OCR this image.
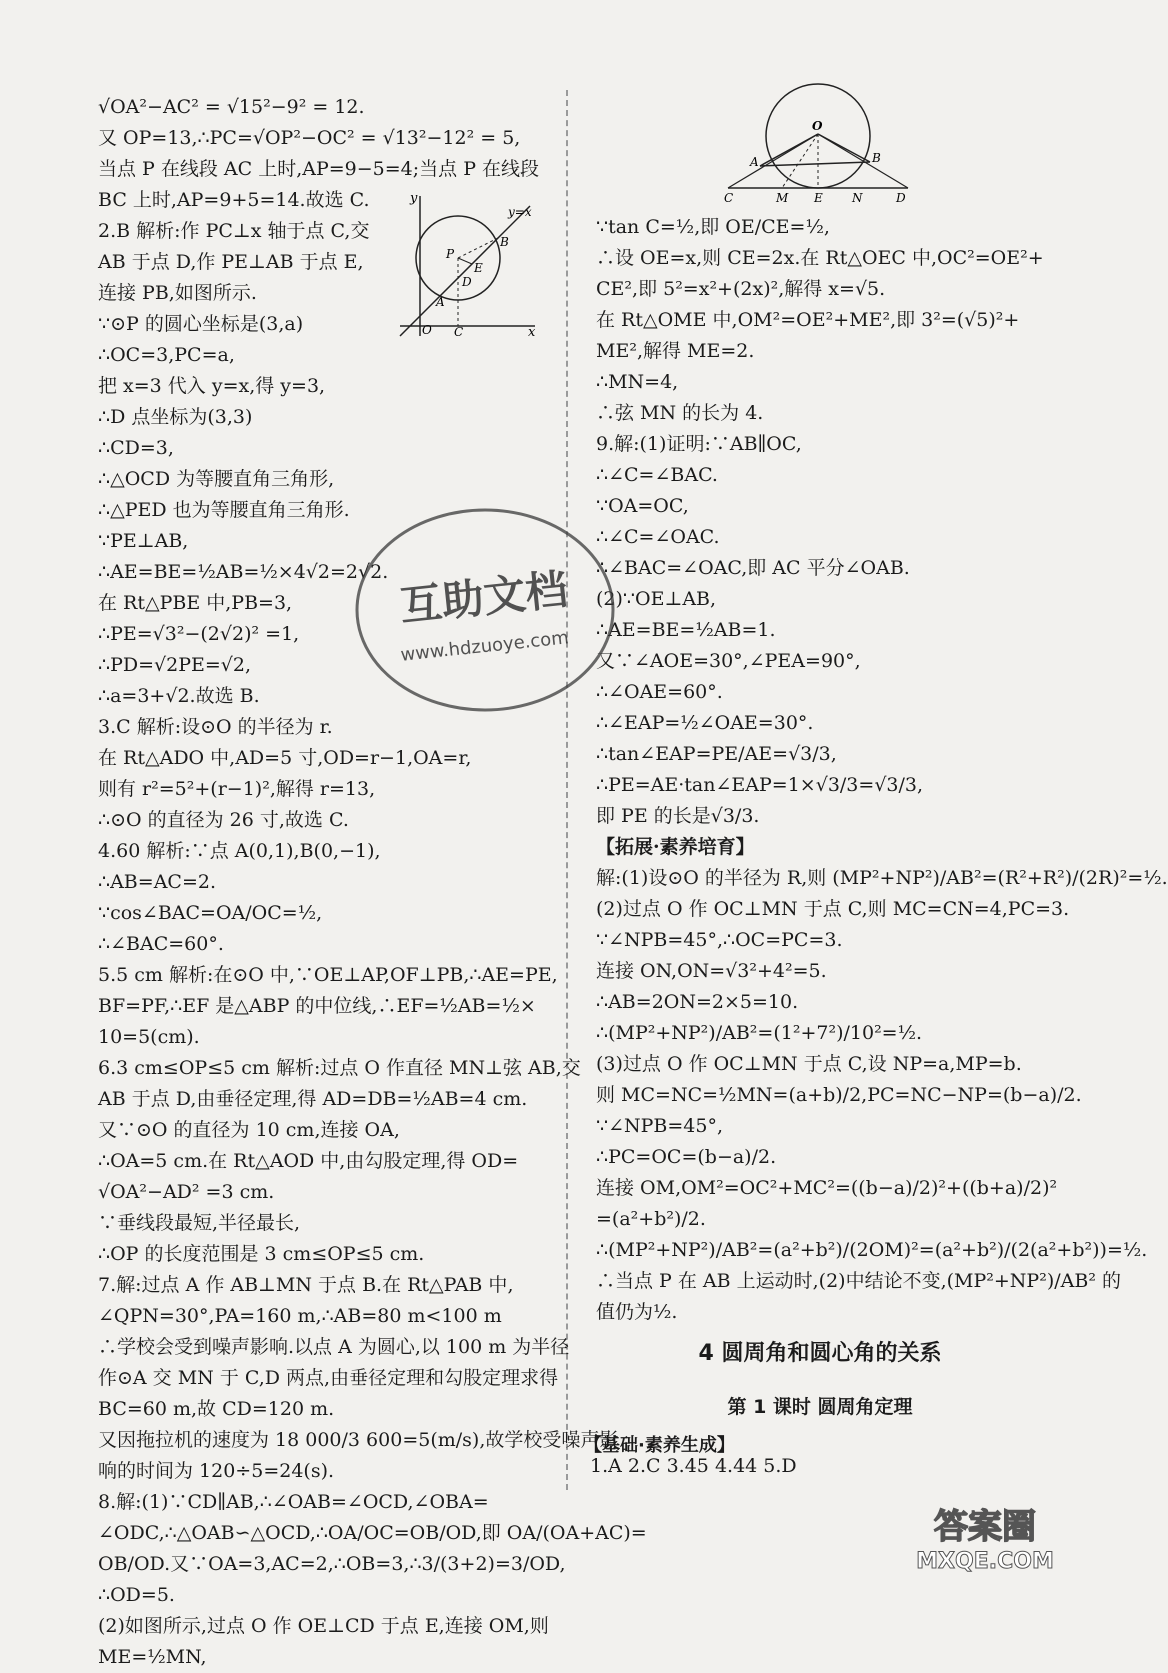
√OA²−AC² = √15²−9² = 12.
又 OP=13,∴PC=√OP²−OC² = √13²−12² = 5,
当点 P 在线段 AC 上时,AP=9−5=4;当点 P 在线段
BC 上时,AP=9+5=14.故选 C.
2.B 解析:作 PC⊥x 轴于点 C,交
AB 于点 D,作 PE⊥AB 于点 E,
连接 PB,如图所示.
∵⊙P 的圆心坐标是(3,a)
∴OC=3,PC=a,
把 x=3 代入 y=x,得 y=3,
∴D 点坐标为(3,3)
∴CD=3,
∴△OCD 为等腰直角三角形,
∴△PED 也为等腰直角三角形.
∵PE⊥AB,
∴AE=BE=½AB=½×4√2=2√2.
在 Rt△PBE 中,PB=3,
∴PE=√3²−(2√2)² =1,
∴PD=√2PE=√2,
∴a=3+√2.故选 B.
3.C 解析:设⊙O 的半径为 r.
在 Rt△ADO 中,AD=5 寸,OD=r−1,OA=r,
则有 r²=5²+(r−1)²,解得 r=13,
∴⊙O 的直径为 26 寸,故选 C.
4.60 解析:∵点 A(0,1),B(0,−1),
∴AB=AC=2.
∵cos∠BAC=OA/OC=½,
∴∠BAC=60°.
5.5 cm 解析:在⊙O 中,∵OE⊥AP,OF⊥PB,∴AE=PE,
BF=PF,∴EF 是△ABP 的中位线,∴EF=½AB=½×
10=5(cm).
6.3 cm≤OP≤5 cm 解析:过点 O 作直径 MN⊥弦 AB,交
AB 于点 D,由垂径定理,得 AD=DB=½AB=4 cm.
又∵⊙O 的直径为 10 cm,连接 OA,
∴OA=5 cm.在 Rt△AOD 中,由勾股定理,得 OD=
√OA²−AD² =3 cm.
∵垂线段最短,半径最长,
∴OP 的长度范围是 3 cm≤OP≤5 cm.
7.解:过点 A 作 AB⊥MN 于点 B.在 Rt△PAB 中,
∠QPN=30°,PA=160 m,∴AB=80 m<100 m
∴学校会受到噪声影响.以点 A 为圆心,以 100 m 为半径
作⊙A 交 MN 于 C,D 两点,由垂径定理和勾股定理求得
BC=60 m,故 CD=120 m.
又因拖拉机的速度为 18 000/3 600=5(m/s),故学校受噪声影
响的时间为 120÷5=24(s).
8.解:(1)∵CD∥AB,∴∠OAB=∠OCD,∠OBA=
∠ODC,∴△OAB∽△OCD,∴OA/OC=OB/OD,即 OA/(OA+AC)=
OB/OD.又∵OA=3,AC=2,∴OB=3,∴3/(3+2)=3/OD,
∴OD=5.
(2)如图所示,过点 O 作 OE⊥CD 于点 E,连接 OM,则
ME=½MN,
y
x
y=x
P
B
E
D
A
O C
O
A	B
C	M E N	D
∵tan C=½,即 OE/CE=½,
∴设 OE=x,则 CE=2x.在 Rt△OEC 中,OC²=OE²+
CE²,即 5²=x²+(2x)²,解得 x=√5.
在 Rt△OME 中,OM²=OE²+ME²,即 3²=(√5)²+
ME²,解得 ME=2.
∴MN=4,
∴弦 MN 的长为 4.
9.解:(1)证明:∵AB∥OC,
∴∠C=∠BAC.
∵OA=OC,
∴∠C=∠OAC.
∴∠BAC=∠OAC,即 AC 平分∠OAB.
(2)∵OE⊥AB,
∴AE=BE=½AB=1.
又∵∠AOE=30°,∠PEA=90°,
∴∠OAE=60°.
∴∠EAP=½∠OAE=30°.
∴tan∠EAP=PE/AE=√3/3,
∴PE=AE·tan∠EAP=1×√3/3=√3/3,
即 PE 的长是√3/3.
【拓展·素养培育】
解:(1)设⊙O 的半径为 R,则 (MP²+NP²)/AB²=(R²+R²)/(2R)²=½.
(2)过点 O 作 OC⊥MN 于点 C,则 MC=CN=4,PC=3.
∵∠NPB=45°,∴OC=PC=3.
连接 ON,ON=√3²+4²=5.
∴AB=2ON=2×5=10.
∴(MP²+NP²)/AB²=(1²+7²)/10²=½.
(3)过点 O 作 OC⊥MN 于点 C,设 NP=a,MP=b.
则 MC=NC=½MN=(a+b)/2,PC=NC−NP=(b−a)/2.
∵∠NPB=45°,
∴PC=OC=(b−a)/2.
连接 OM,OM²=OC²+MC²=((b−a)/2)²+((b+a)/2)²
=(a²+b²)/2.
∴(MP²+NP²)/AB²=(a²+b²)/(2OM)²=(a²+b²)/(2(a²+b²))=½.
∴当点 P 在 AB 上运动时,(2)中结论不变,(MP²+NP²)/AB² 的
值仍为½.
4 圆周角和圆心角的关系
第 1 课时 圆周角定理
【基础·素养生成】
1.A 2.C 3.45 4.44 5.D
互助文档
www.hdzuoye.com
答案圈
MXQE.COM
